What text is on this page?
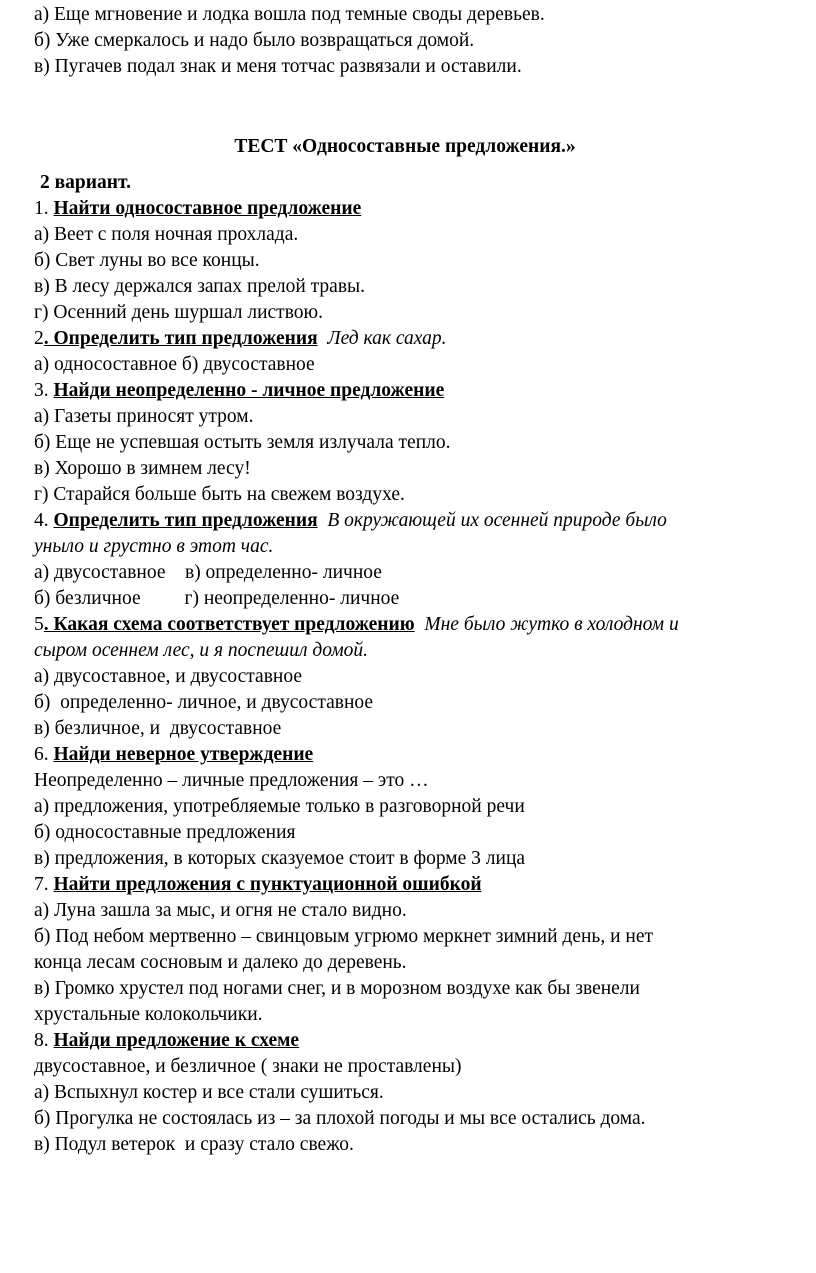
а) Еще мгновение и лодка вошла под темные своды деревьев.
б) Уже смеркалось и надо было возвращаться домой.
в) Пугачев подал знак и меня тотчас развязали и оставили.
ТЕСТ «Односоставные предложения.»
2 вариант.
1. Найти односоставное предложение
а) Веет с поля ночная прохлада.
б) Свет луны во все концы.
в) В лесу держался запах прелой травы.
г) Осенний день шуршал листвою.
2. Определить тип предложения Лед как сахар.
а) односоставное б) двусоставное
3. Найди неопределенно - личное предложение
а) Газеты приносят утром.
б) Еще не успевшая остыть земля излучала тепло.
в) Хорошо в зимнем лесу!
г) Старайся больше быть на свежем воздухе.
4. Определить тип предложения В окружающей их осенней природе было
уныло и грустно в этот час.
а) двусоставное    в) определенно- личное
б) безличное         г) неопределенно- личное
5. Какая схема соответствует предложению Мне было жутко в холодном и
сыром осеннем лес, и я поспешил домой.
а) двусоставное, и двусоставное
б)  определенно- личное, и двусоставное
в) безличное, и  двусоставное
6. Найди неверное утверждение
Неопределенно – личные предложения – это …
а) предложения, употребляемые только в разговорной речи
б) односоставные предложения
в) предложения, в которых сказуемое стоит в форме 3 лица
7. Найти предложения с пунктуационной ошибкой
а) Луна зашла за мыс, и огня не стало видно.
б) Под небом мертвенно – свинцовым угрюмо меркнет зимний день, и нет
конца лесам сосновым и далеко до деревень.
в) Громко хрустел под ногами снег, и в морозном воздухе как бы звенели
хрустальные колокольчики.
8. Найди предложение к схеме
двусоставное, и безличное ( знаки не проставлены)
а) Вспыхнул костер и все стали сушиться.
б) Прогулка не состоялась из – за плохой погоды и мы все остались дома.
в) Подул ветерок  и сразу стало свежо.
